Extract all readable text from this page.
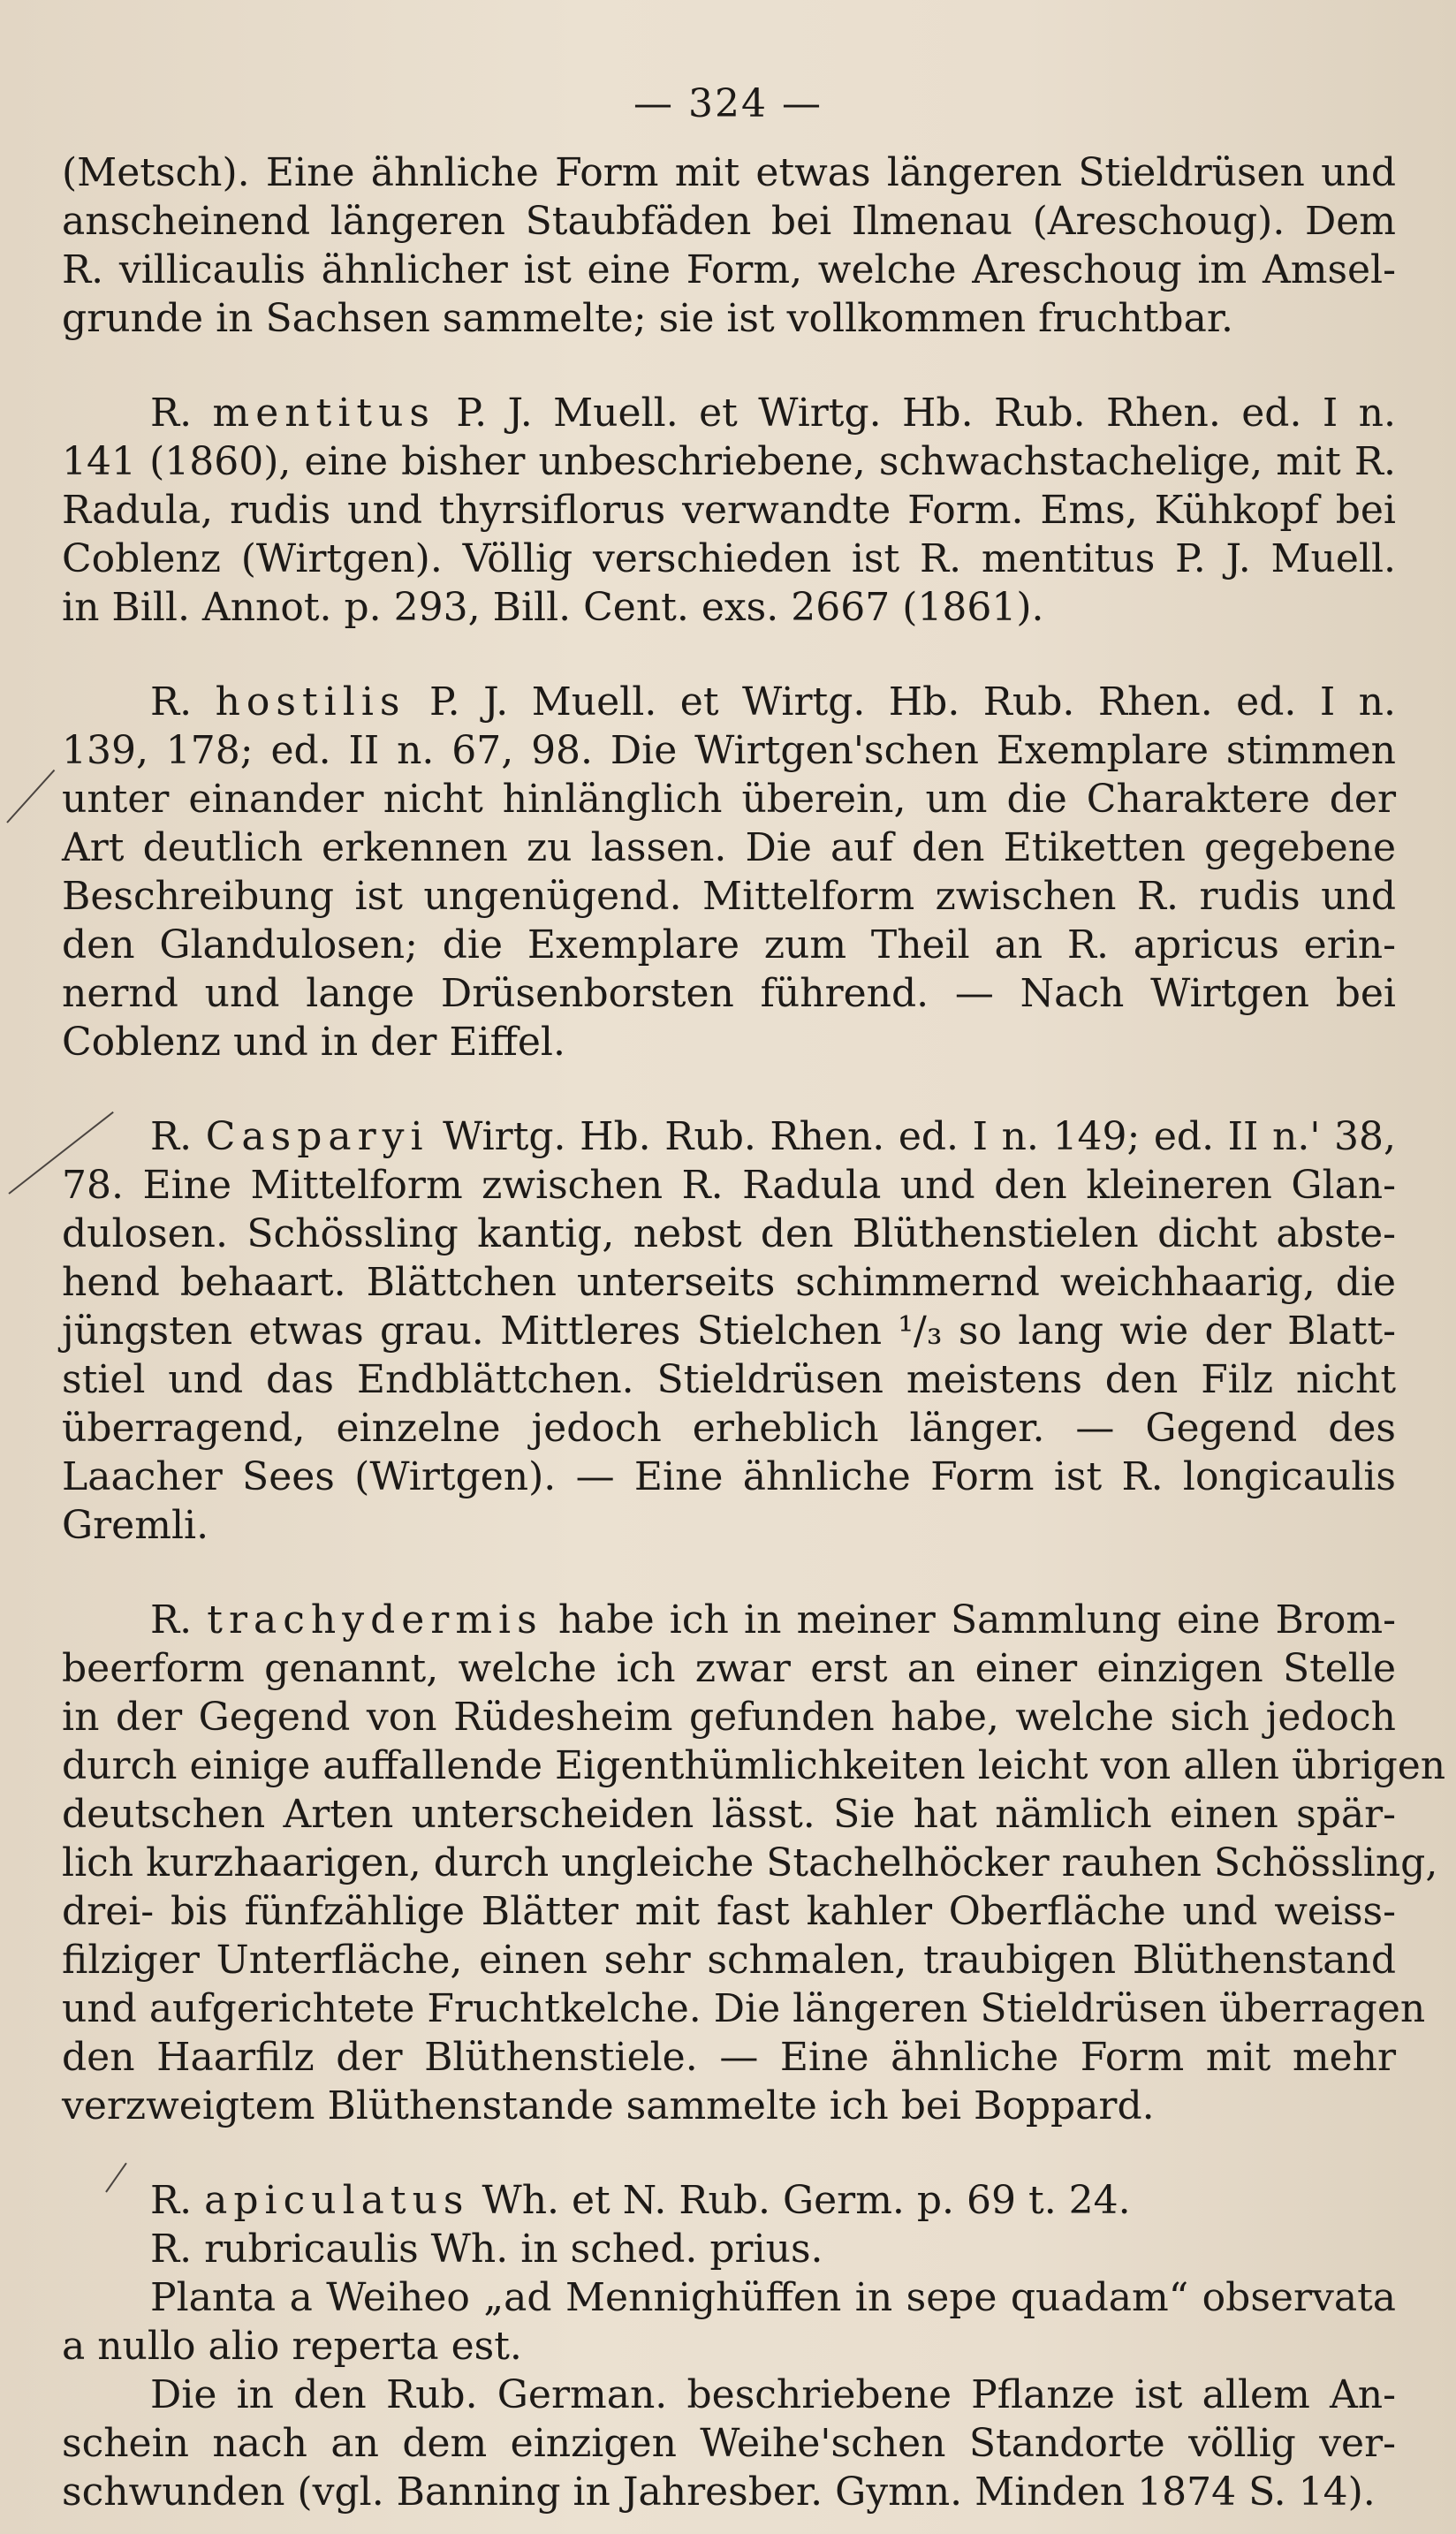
— 324 —
(Metsch). Eine ähnliche Form mit etwas längeren Stieldrüsen und
anscheinend längeren Staubfäden bei Ilmenau (Areschoug). Dem
R. villicaulis ähnlicher ist eine Form, welche Areschoug im Amsel-
grunde in Sachsen sammelte; sie ist vollkommen fruchtbar.
R. mentitus P. J. Muell. et Wirtg. Hb. Rub. Rhen. ed. I n.
141 (1860), eine bisher unbeschriebene, schwachstachelige, mit R.
Radula, rudis und thyrsiflorus verwandte Form. Ems, Kühkopf bei
Coblenz (Wirtgen). Völlig verschieden ist R. mentitus P. J. Muell.
in Bill. Annot. p. 293, Bill. Cent. exs. 2667 (1861).
R. hostilis P. J. Muell. et Wirtg. Hb. Rub. Rhen. ed. I n.
139, 178; ed. II n. 67, 98. Die Wirtgen'schen Exemplare stimmen
unter einander nicht hinlänglich überein, um die Charaktere der
Art deutlich erkennen zu lassen. Die auf den Etiketten gegebene
Beschreibung ist ungenügend. Mittelform zwischen R. rudis und
den Glandulosen; die Exemplare zum Theil an R. apricus erin-
nernd und lange Drüsenborsten führend. — Nach Wirtgen bei
Coblenz und in der Eiffel.
R. Casparyi Wirtg. Hb. Rub. Rhen. ed. I n. 149; ed. II n.' 38,
78. Eine Mittelform zwischen R. Radula und den kleineren Glan-
dulosen. Schössling kantig, nebst den Blüthenstielen dicht abste-
hend behaart. Blättchen unterseits schimmernd weichhaarig, die
jüngsten etwas grau. Mittleres Stielchen ¹/₃ so lang wie der Blatt-
stiel und das Endblättchen. Stieldrüsen meistens den Filz nicht
überragend, einzelne jedoch erheblich länger. — Gegend des
Laacher Sees (Wirtgen). — Eine ähnliche Form ist R. longicaulis
Gremli.
R. trachydermis habe ich in meiner Sammlung eine Brom-
beerform genannt, welche ich zwar erst an einer einzigen Stelle
in der Gegend von Rüdesheim gefunden habe, welche sich jedoch
durch einige auffallende Eigenthümlichkeiten leicht von allen übrigen
deutschen Arten unterscheiden lässt. Sie hat nämlich einen spär-
lich kurzhaarigen, durch ungleiche Stachelhöcker rauhen Schössling,
drei- bis fünfzählige Blätter mit fast kahler Oberfläche und weiss-
filziger Unterfläche, einen sehr schmalen, traubigen Blüthenstand
und aufgerichtete Fruchtkelche. Die längeren Stieldrüsen überragen
den Haarfilz der Blüthenstiele. — Eine ähnliche Form mit mehr
verzweigtem Blüthenstande sammelte ich bei Boppard.
R. apiculatus Wh. et N. Rub. Germ. p. 69 t. 24.
R. rubricaulis Wh. in sched. prius.
Planta a Weiheo „ad Mennighüffen in sepe quadam“ observata
a nullo alio reperta est.
Die in den Rub. German. beschriebene Pflanze ist allem An-
schein nach an dem einzigen Weihe'schen Standorte völlig ver-
schwunden (vgl. Banning in Jahresber. Gymn. Minden 1874 S. 14).
